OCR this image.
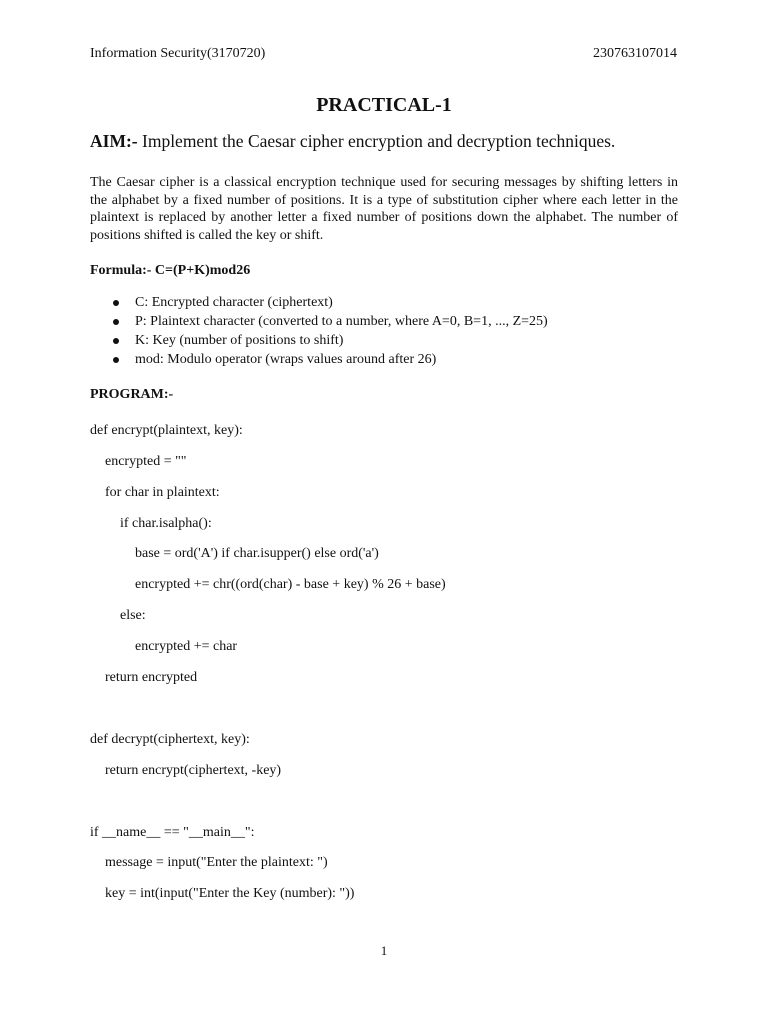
Information Security(3170720)	230763107014
PRACTICAL-1
AIM:- Implement the Caesar cipher encryption and decryption techniques.

The Caesar cipher is a classical encryption technique used for securing messages by shifting letters in the alphabet by a fixed number of positions. It is a type of substitution cipher where each letter in the plaintext is replaced by another letter a fixed number of positions down the alphabet. The number of positions shifted is called the key or shift.

Formula:- C=(P+K)mod26
C: Encrypted character (ciphertext)
P: Plaintext character (converted to a number, where A=0, B=1, ..., Z=25)
K: Key (number of positions to shift)
mod: Modulo operator (wraps values around after 26)
PROGRAM:-
def encrypt(plaintext, key):
encrypted = ""
for char in plaintext:
if char.isalpha():
base = ord('A') if char.isupper() else ord('a')
encrypted += chr((ord(char) - base + key) % 26 + base)
else:
encrypted += char
return encrypted
def decrypt(ciphertext, key):
return encrypt(ciphertext, -key)
if __name__ == "__main__":
message = input("Enter the plaintext: ")
key = int(input("Enter the Key (number): "))
1
